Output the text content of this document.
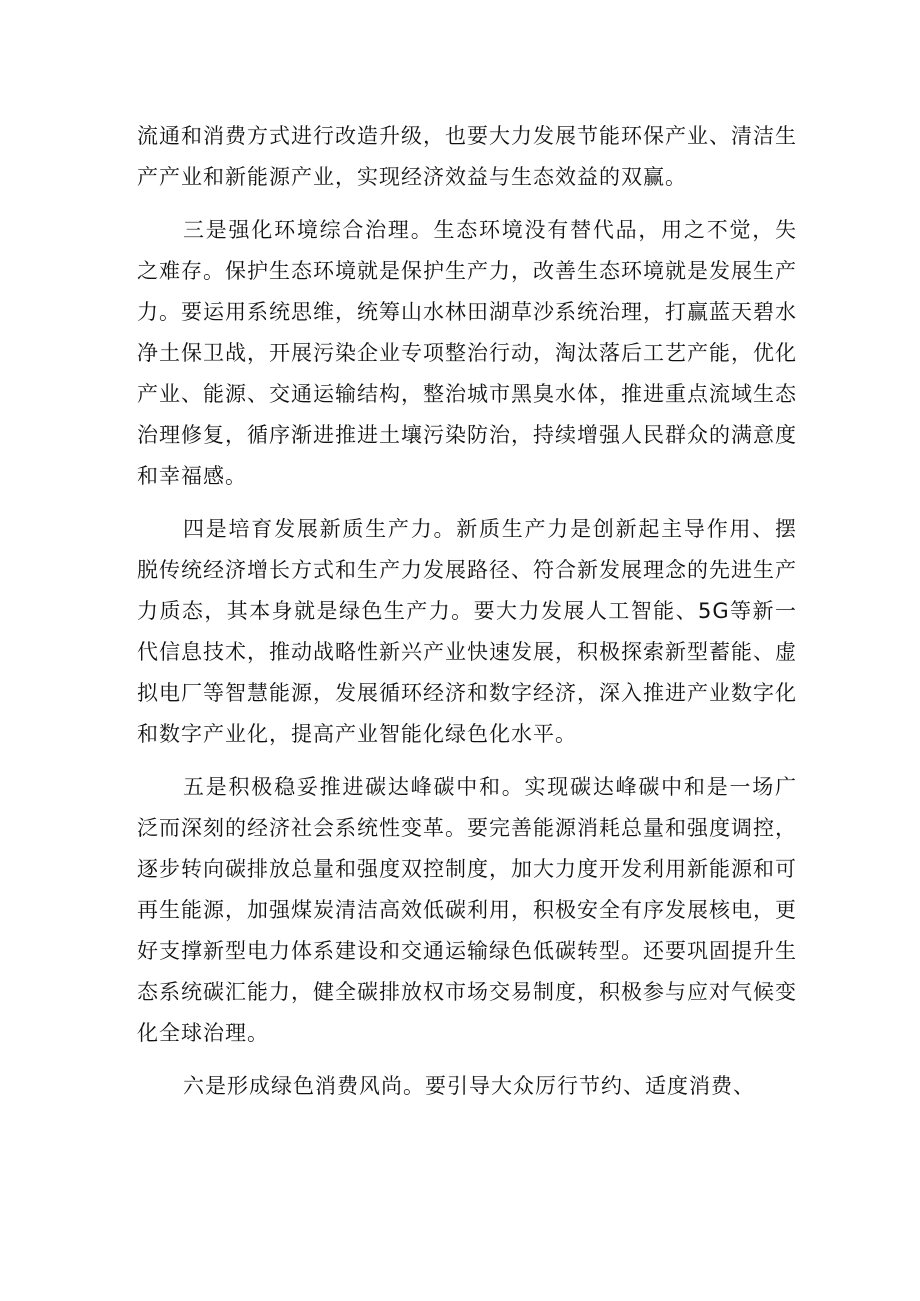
流通和消费方式进行改造升级，也要大力发展节能环保产业、清洁生产产业和新能源产业，实现经济效益与生态效益的双赢。

三是强化环境综合治理。生态环境没有替代品，用之不觉，失之难存。保护生态环境就是保护生产力，改善生态环境就是发展生产力。要运用系统思维，统筹山水林田湖草沙系统治理，打赢蓝天碧水净土保卫战，开展污染企业专项整治行动，淘汰落后工艺产能，优化产业、能源、交通运输结构，整治城市黑臭水体，推进重点流域生态治理修复，循序渐进推进土壤污染防治，持续增强人民群众的满意度和幸福感。

四是培育发展新质生产力。新质生产力是创新起主导作用、摆脱传统经济增长方式和生产力发展路径、符合新发展理念的先进生产力质态，其本身就是绿色生产力。要大力发展人工智能、5G等新一代信息技术，推动战略性新兴产业快速发展，积极探索新型蓄能、虚拟电厂等智慧能源，发展循环经济和数字经济，深入推进产业数字化和数字产业化，提高产业智能化绿色化水平。

五是积极稳妥推进碳达峰碳中和。实现碳达峰碳中和是一场广泛而深刻的经济社会系统性变革。要完善能源消耗总量和强度调控，逐步转向碳排放总量和强度双控制度，加大力度开发利用新能源和可再生能源，加强煤炭清洁高效低碳利用，积极安全有序发展核电，更好支撑新型电力体系建设和交通运输绿色低碳转型。还要巩固提升生态系统碳汇能力，健全碳排放权市场交易制度，积极参与应对气候变化全球治理。

六是形成绿色消费风尚。要引导大众厉行节约、适度消费、
